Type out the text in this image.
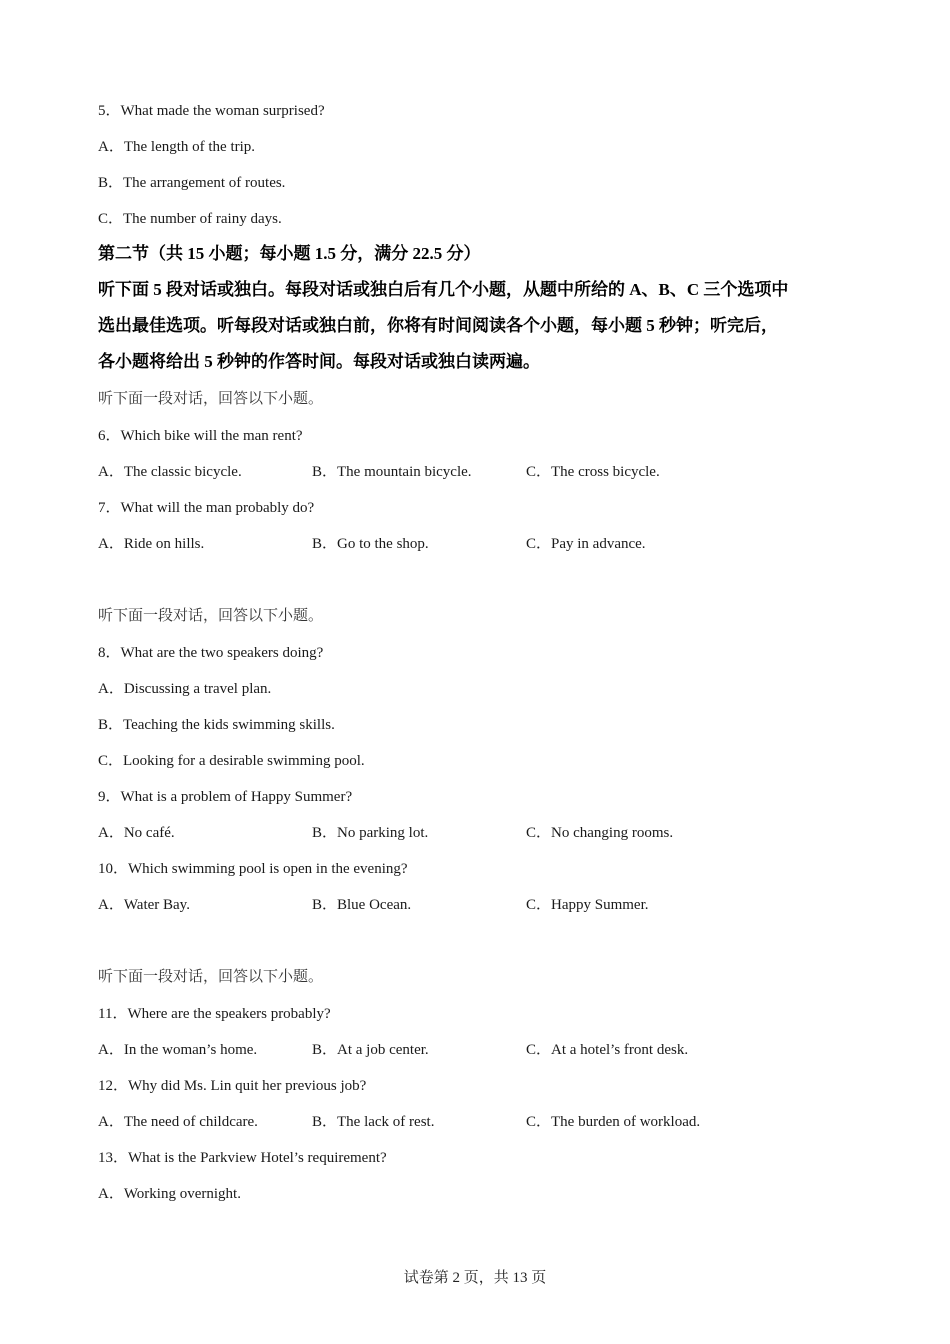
5．What made the woman surprised?
A．The length of the trip.
B．The arrangement of routes.
C．The number of rainy days.
第二节（共 15 小题；每小题 1.5 分，满分 22.5 分）
听下面 5 段对话或独白。每段对话或独白后有几个小题，从题中所给的 A、B、C 三个选项中
选出最佳选项。听每段对话或独白前，你将有时间阅读各个小题，每小题 5 秒钟；听完后，
各小题将给出 5 秒钟的作答时间。每段对话或独白读两遍。
听下面一段对话，回答以下小题。
6．Which bike will the man rent?
A．The classic bicycle.	B．The mountain bicycle.	C．The cross bicycle.
7．What will the man probably do?
A．Ride on hills.	B．Go to the shop.	C．Pay in advance.
听下面一段对话，回答以下小题。
8．What are the two speakers doing?
A．Discussing a travel plan.
B．Teaching the kids swimming skills.
C．Looking for a desirable swimming pool.
9．What is a problem of Happy Summer?
A．No café.	B．No parking lot.	C．No changing rooms.
10．Which swimming pool is open in the evening?
A．Water Bay.	B．Blue Ocean.	C．Happy Summer.
听下面一段对话，回答以下小题。
11．Where are the speakers probably?
A．In the woman’s home.	B．At a job center.	C．At a hotel’s front desk.
12．Why did Ms. Lin quit her previous job?
A．The need of childcare.	B．The lack of rest.	C．The burden of workload.
13．What is the Parkview Hotel’s requirement?
A．Working overnight.
试卷第 2 页，共 13 页
